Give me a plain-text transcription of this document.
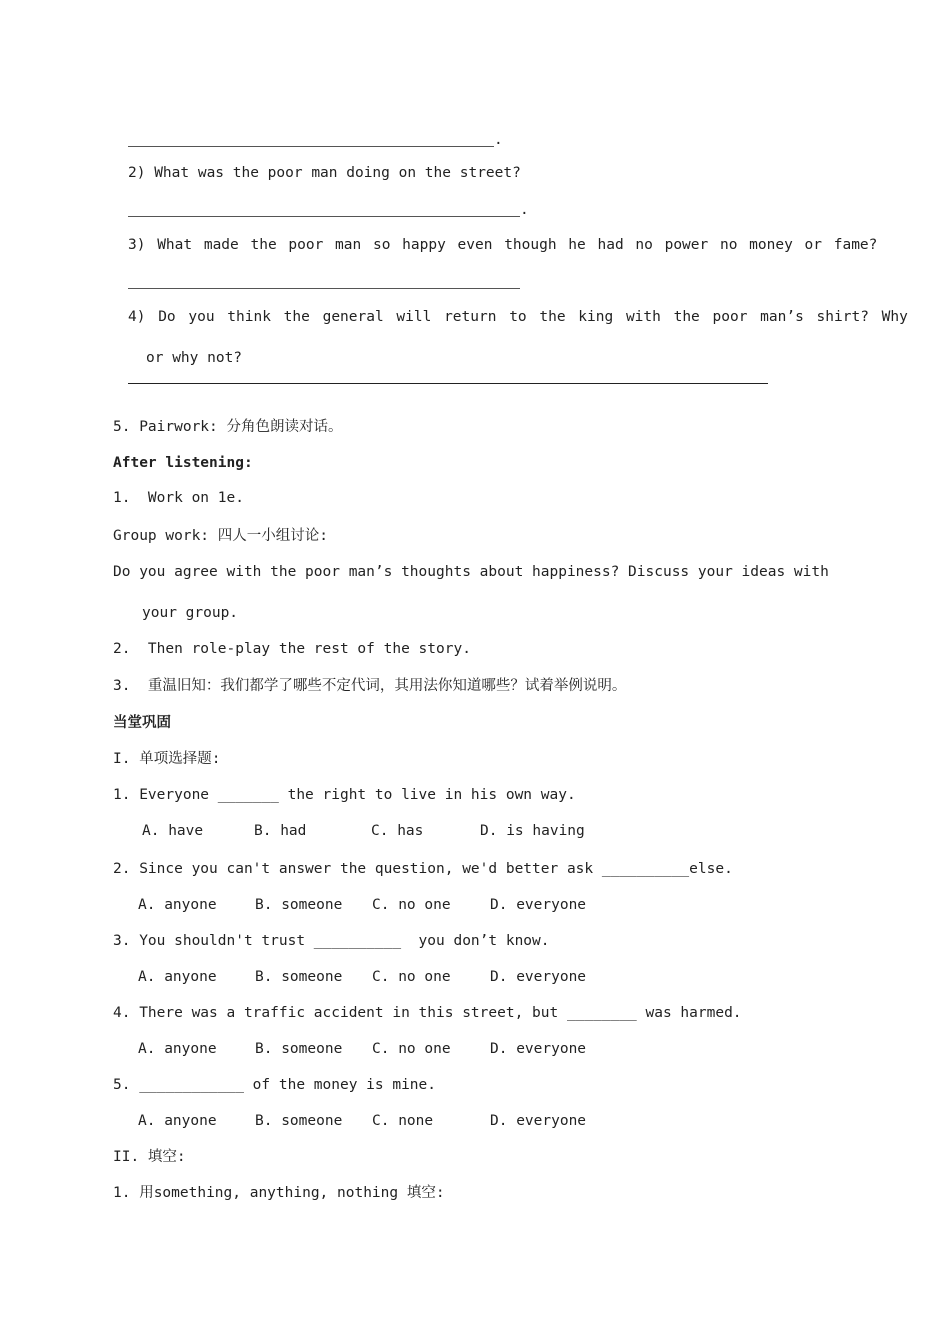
.
2) What was the poor man doing on the street?
.
3) What made the poor man so happy even though he had no power no money or fame?
4) Do you think the general will return to the king with the poor man’s shirt? Why
or why not?
5. Pairwork: 分角色朗读对话。
After listening:
1.  Work on 1e.
Group work: 四人一小组讨论:
Do you agree with the poor man’s thoughts about happiness? Discuss your ideas with
your group.
2.  Then role-play the rest of the story.
3.  重温旧知：我们都学了哪些不定代词，其用法你知道哪些？试着举例说明。
当堂巩固
I. 单项选择题:
1. Everyone _______ the right to live in his own way.
A. have	B. had	C. has	D. is having
2. Since you can't answer the question, we'd better ask __________else.
A. anyone	B. someone C. no one	D. everyone
3. You shouldn't trust __________  you don’t know.
A. anyone	B. someone C. no one	D. everyone
4. There was a traffic accident in this street, but ________ was harmed.
A. anyone	B. someone C. no one	D. everyone
5. ____________ of the money is mine.
A. anyone	B. someone C. none	D. everyone
II. 填空:
1. 用something, anything, nothing 填空:
